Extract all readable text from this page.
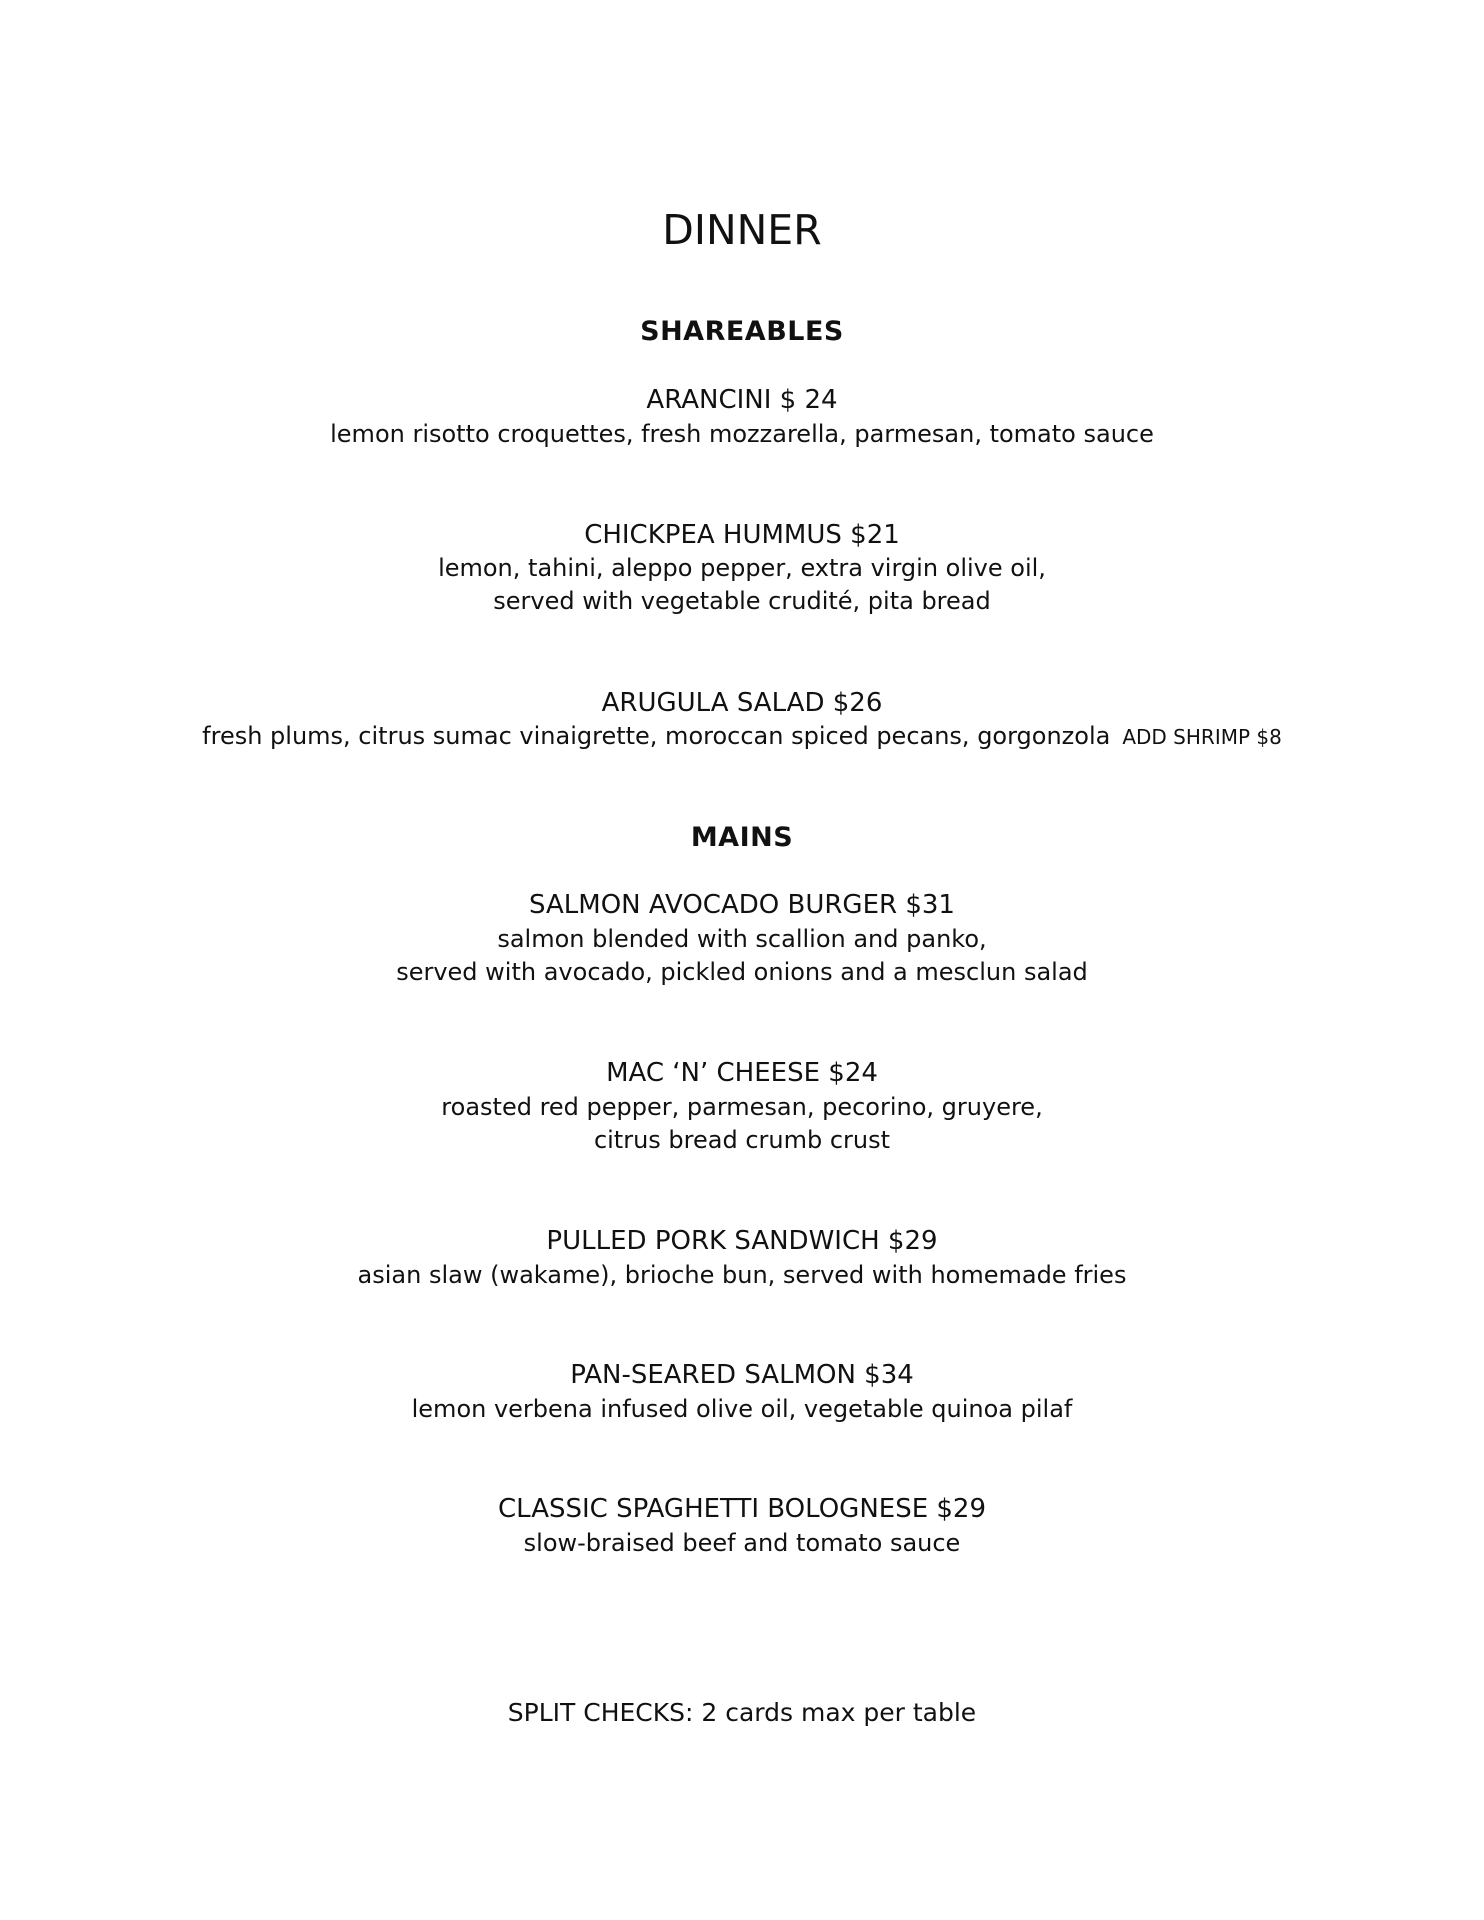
DINNER
SHAREABLES
ARANCINI $ 24
lemon risotto croquettes, fresh mozzarella, parmesan, tomato sauce
CHICKPEA HUMMUS $21
lemon, tahini, aleppo pepper, extra virgin olive oil,
served with vegetable crudité, pita bread
ARUGULA SALAD $26
fresh plums, citrus sumac vinaigrette, moroccan spiced pecans, gorgonzola ADD SHRIMP $8
MAINS
SALMON AVOCADO BURGER $31
salmon blended with scallion and panko,
served with avocado, pickled onions and a mesclun salad
MAC ‘N’ CHEESE $24
roasted red pepper, parmesan, pecorino, gruyere,
citrus bread crumb crust
PULLED PORK SANDWICH $29
asian slaw (wakame), brioche bun, served with homemade fries
PAN-SEARED SALMON $34
lemon verbena infused olive oil, vegetable quinoa pilaf
CLASSIC SPAGHETTI BOLOGNESE $29
slow-braised beef and tomato sauce
SPLIT CHECKS: 2 cards max per table
